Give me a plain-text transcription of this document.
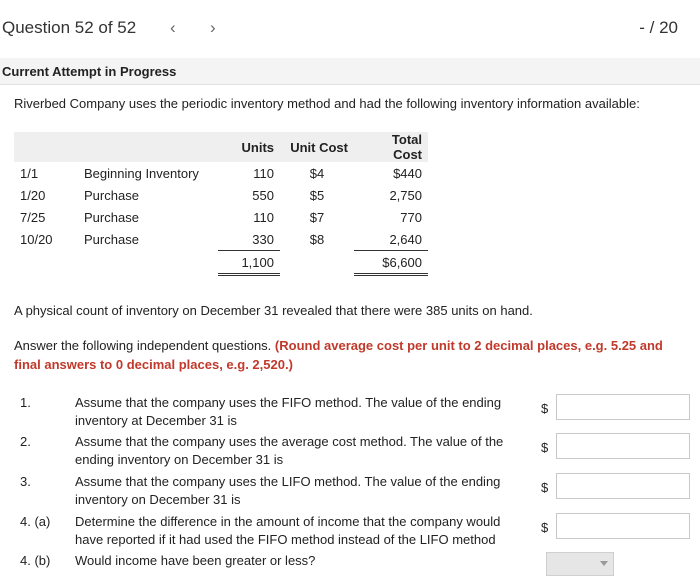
Question 52 of 52 ‹ ›	- / 20
Current Attempt in Progress
Riverbed Company uses the periodic inventory method and had the following inventory information available:
		Units	Unit Cost	Total Cost
1/1	Beginning Inventory	110	$4	$440
1/20	Purchase	550	$5	2,750
7/25	Purchase	110	$7	770
10/20	Purchase	330	$8	2,640
		1,100		$6,600
A physical count of inventory on December 31 revealed that there were 385 units on hand.
Answer the following independent questions. (Round average cost per unit to 2 decimal places, e.g. 5.25 and final answers to 0 decimal places, e.g. 2,520.)
1.	Assume that the company uses the FIFO method. The value of the ending inventory at December 31 is
$
2.	Assume that the company uses the average cost method. The value of the ending inventory on December 31 is
$
3.	Assume that the company uses the LIFO method. The value of the ending inventory on December 31 is
$
4. (a)	Determine the difference in the amount of income that the company would have reported if it had used the FIFO method instead of the LIFO method
$
4. (b)	Would income have been greater or less?
